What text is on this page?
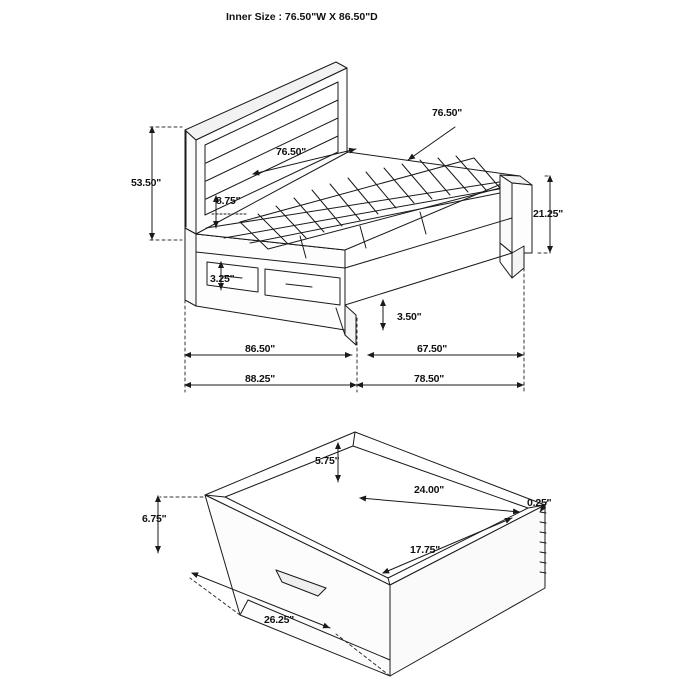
Inner Size : 76.50"W X 86.50"D
53.50"
76.50"
76.50"
8.75"
3.25"
21.25"
3.50"
86.50"	67.50"
88.25"	78.50"
5.75"
24.00"
0.25"
17.75"
6.75"
26.25"
